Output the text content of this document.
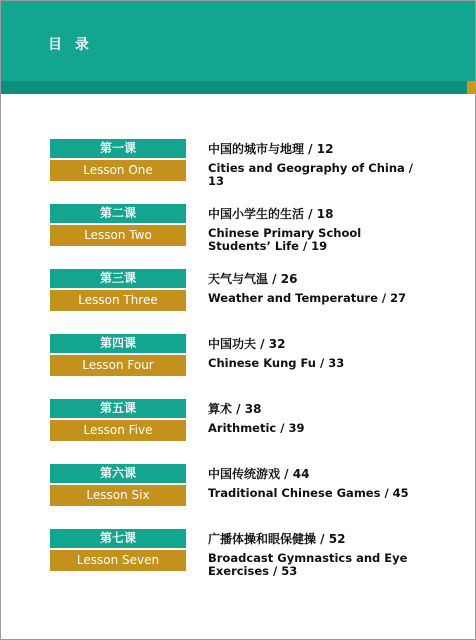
目 录
第一课
Lesson One
中国的城市与地理 / 12
Cities and Geography of China / 13
第二课
Lesson Two
中国小学生的生活 / 18
Chinese Primary School Students’ Life / 19
第三课
Lesson Three
天气与气温 / 26
Weather and Temperature / 27
第四课
Lesson Four
中国功夫 / 32
Chinese Kung Fu / 33
第五课
Lesson Five
算术 / 38
Arithmetic / 39
第六课
Lesson Six
中国传统游戏 / 44
Traditional Chinese Games / 45
第七课
Lesson Seven
广播体操和眼保健操 / 52
Broadcast Gymnastics and Eye Exercises / 53
